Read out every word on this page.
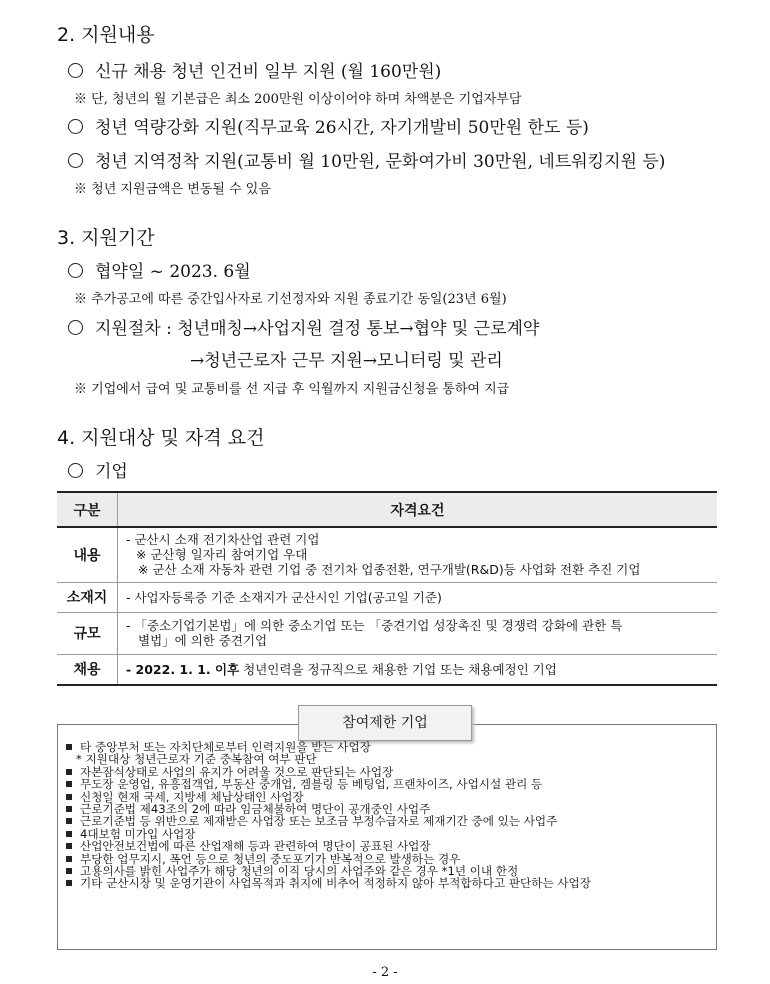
2. 지원내용
신규 채용 청년 인건비 일부 지원 (월 160만원)
※ 단, 청년의 월 기본급은 최소 200만원 이상이어야 하며 차액분은 기업자부담
청년 역량강화 지원(직무교육 26시간, 자기개발비 50만원 한도 등)
청년 지역정착 지원(교통비 월 10만원, 문화여가비 30만원, 네트워킹지원 등)
※ 청년 지원금액은 변동될 수 있음
3. 지원기간
협약일 ~ 2023. 6월
※ 추가공고에 따른 중간입사자로 기선정자와 지원 종료기간 동일(23년 6월)
지원절차 : 청년매칭→사업지원 결정 통보→협약 및 근로계약
→청년근로자 근무 지원→모니터링 및 관리
※ 기업에서 급여 및 교통비를 선 지급 후 익월까지 지원금신청을 통하여 지급
4. 지원대상 및 자격 요건
기업
구분	자격요건
내용	- 군산시 소재 전기차산업 관련 기업
※ 군산형 일자리 참여기업 우대
※ 군산 소재 자동차 관련 기업 중 전기차 업종전환, 연구개발(R&D)등 사업화 전환 추진 기업

소재지	- 사업자등록증 기준 소재지가 군산시인 기업(공고일 기준)
규모	- 「중소기업기본법」에 의한 중소기업 또는 「중견기업 성장촉진 및 경쟁력 강화에 관한 특
별법」에 의한 중견기업

채용	- 2022. 1. 1. 이후 청년인력을 정규직으로 채용한 기업 또는 채용예정인 기업
참여제한 기업
타 중앙부처 또는 자치단체로부터 인력지원을 받는 사업장
* 지원대상 청년근로자 기준 중복참여 여부 판단
자본잠식상태로 사업의 유지가 어려울 것으로 판단되는 사업장
무도장 운영업, 유흥접객업, 부동산 중개업, 겜블링 등 베팅업, 프랜차이즈, 사업시설 관리 등
신청일 현재 국세, 지방세 체납상태인 사업장
근로기준법 제43조의 2에 따라 임금체불하여 명단이 공개중인 사업주
근로기준법 등 위반으로 제재받은 사업장 또는 보조금 부정수급자로 제재기간 중에 있는 사업주
4대보험 미가입 사업장
산업안전보건법에 따른 산업재해 등과 관련하여 명단이 공표된 사업장
부당한 업무지시, 폭언 등으로 청년의 중도포기가 반복적으로 발생하는 경우
고용의사를 밝힌 사업주가 해당 청년의 이직 당시의 사업주와 같은 경우 *1년 이내 한정
기타 군산시장 및 운영기관이 사업목적과 취지에 비추어 적정하지 않아 부적합하다고 판단하는 사업장
- 2 -
